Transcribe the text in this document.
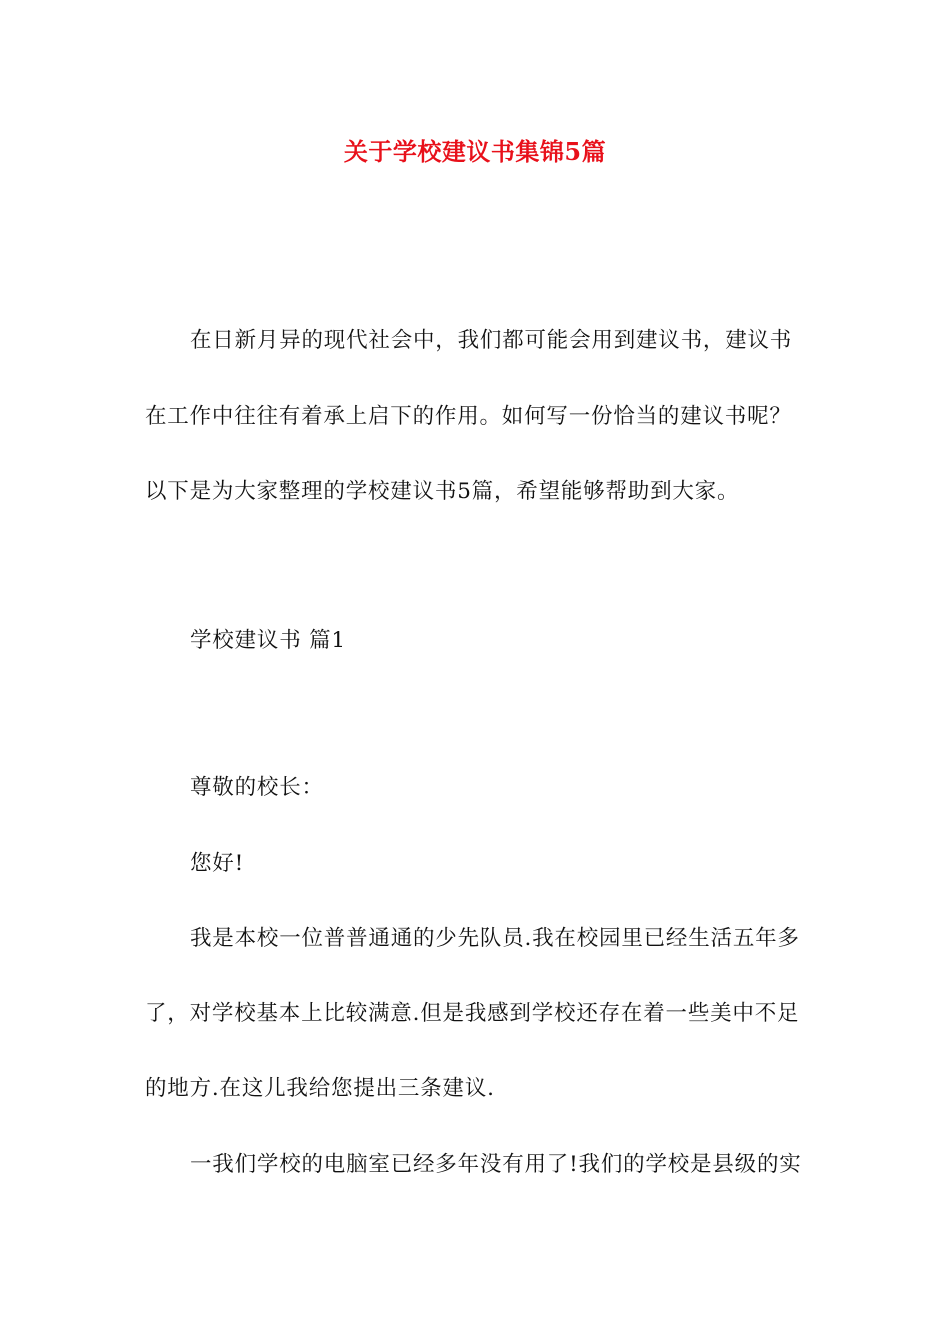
关于学校建议书集锦5篇
在日新月异的现代社会中，我们都可能会用到建议书，建议书
在工作中往往有着承上启下的作用。如何写一份恰当的建议书呢？
以下是为大家整理的学校建议书5篇，希望能够帮助到大家。
学校建议书 篇1
尊敬的校长：
您好!
我是本校一位普普通通的少先队员.我在校园里已经生活五年多
了，对学校基本上比较满意.但是我感到学校还存在着一些美中不足
的地方.在这儿我给您提出三条建议.
一我们学校的电脑室已经多年没有用了!我们的学校是县级的实
